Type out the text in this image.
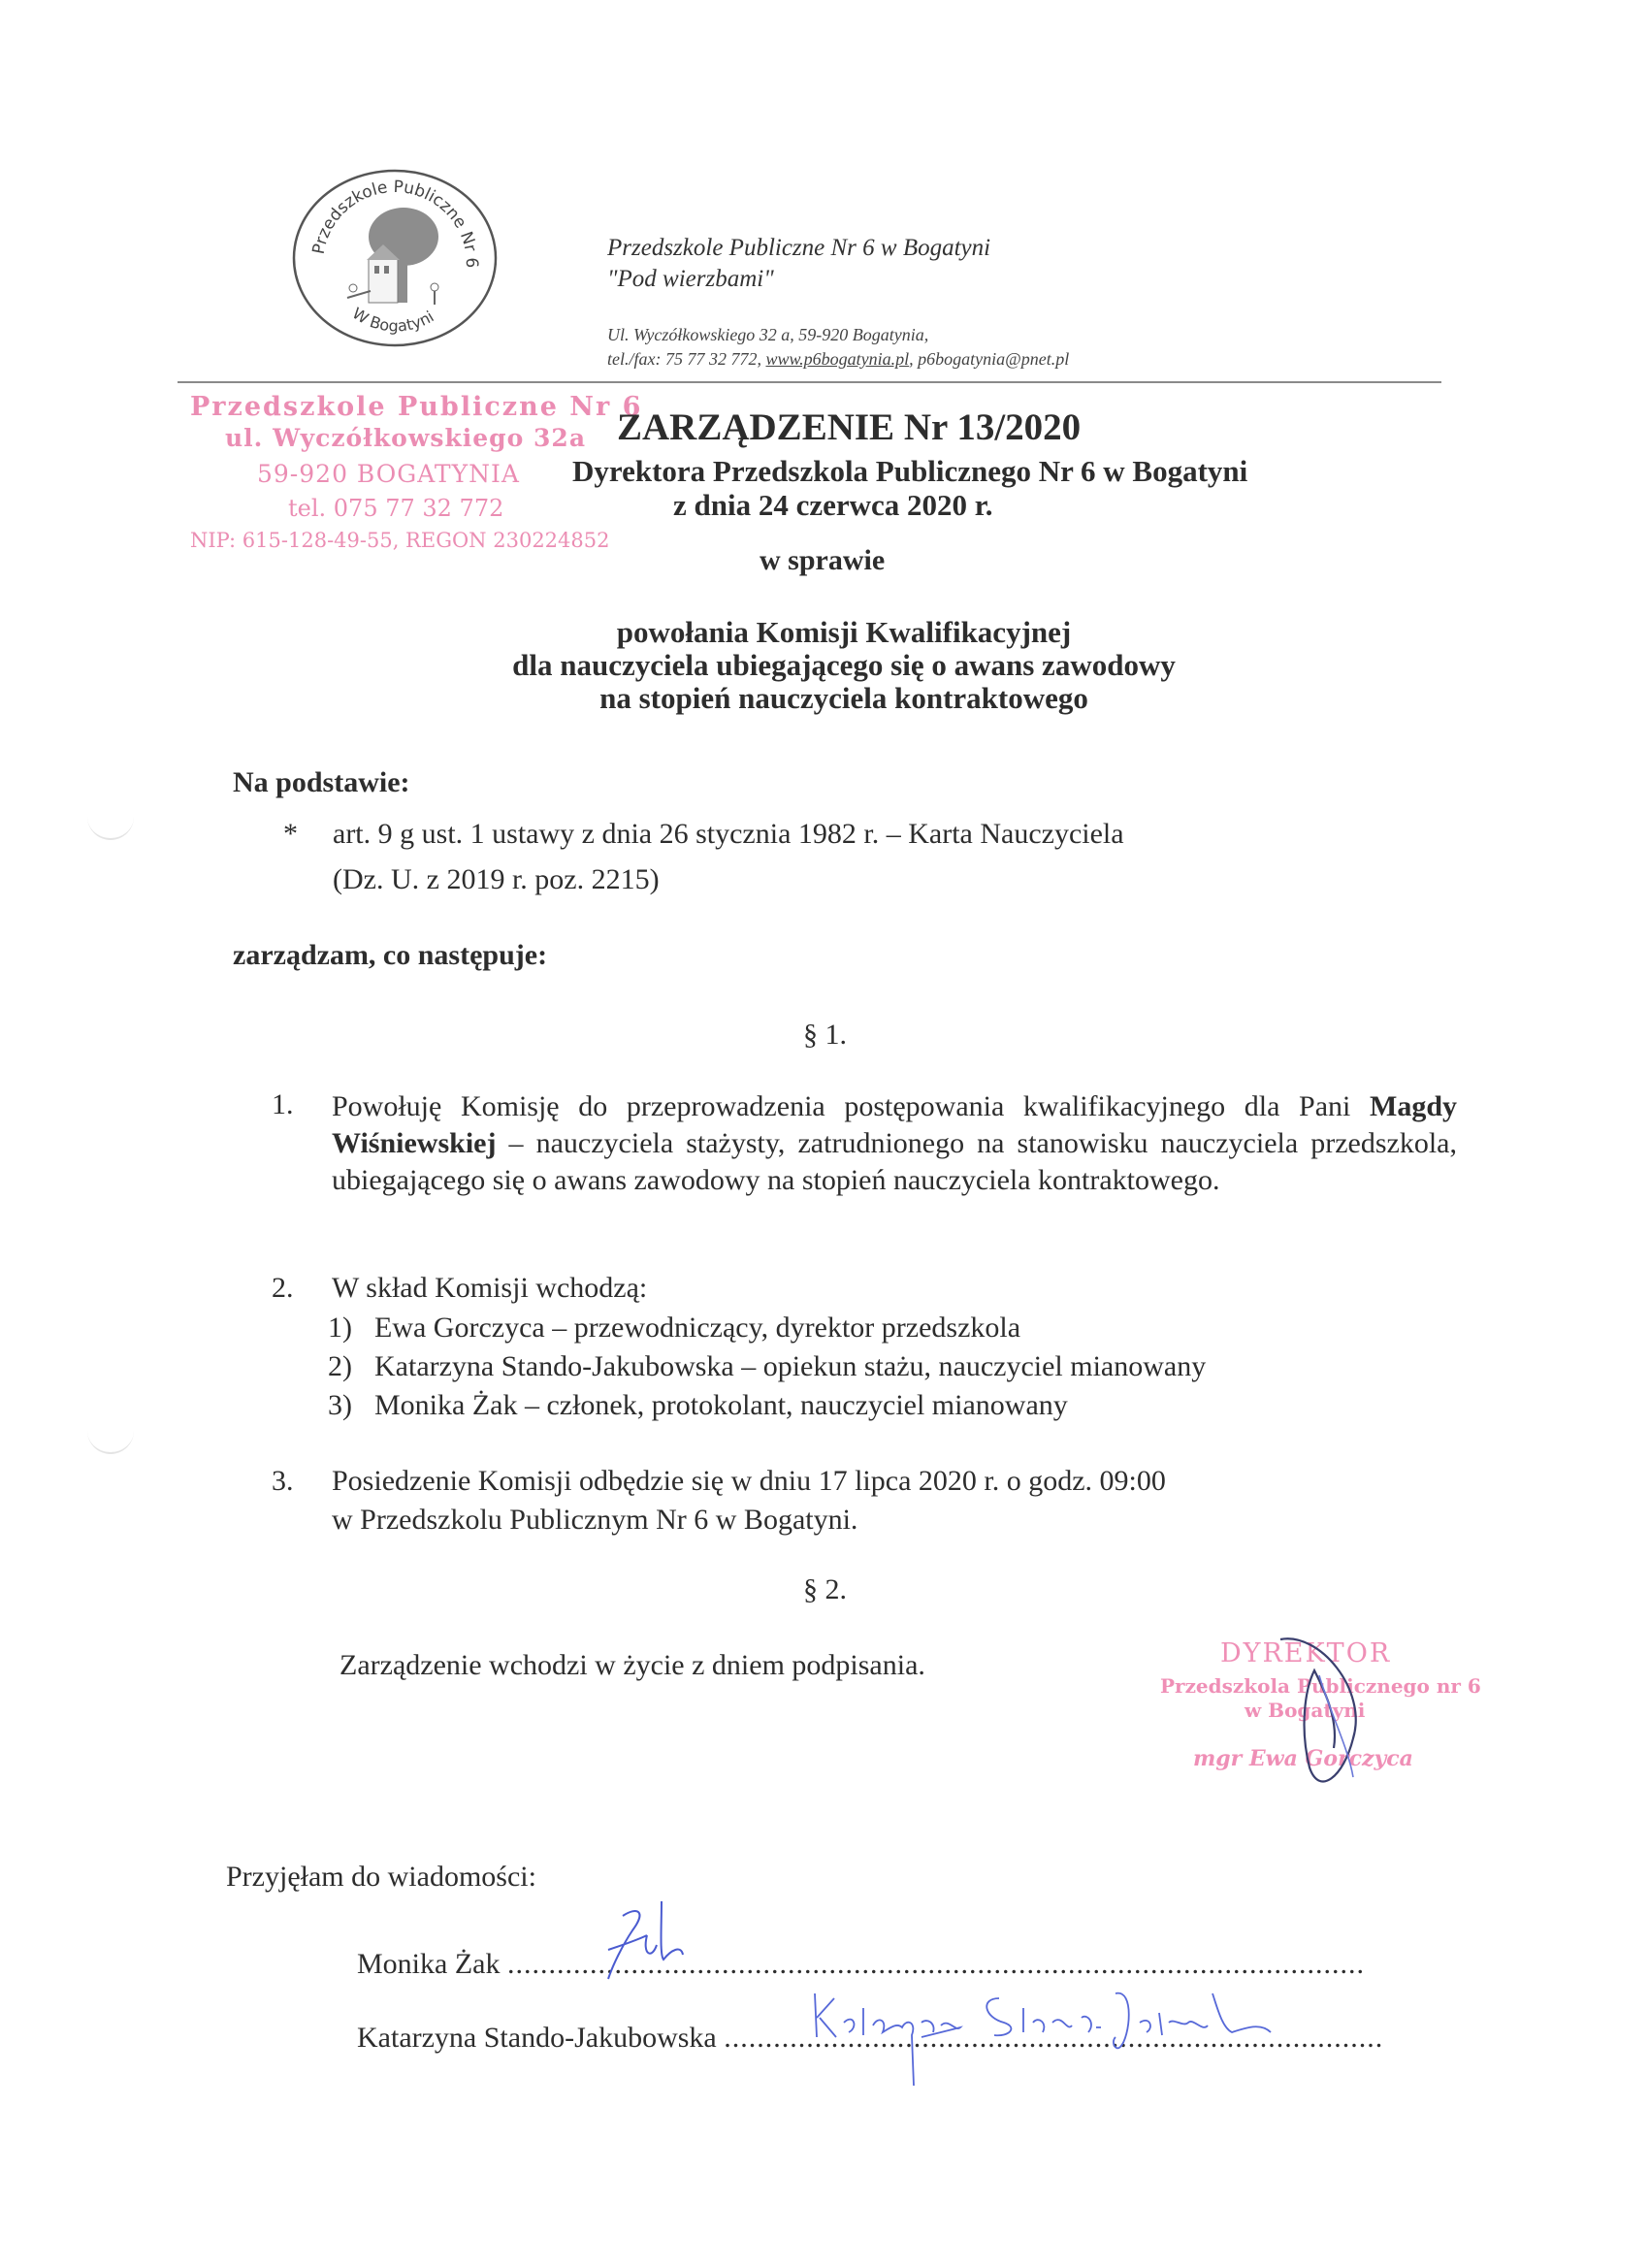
Przedszkole Publiczne Nr 6
W Bogatyni
Przedszkole Publiczne Nr 6 w Bogatyni
"Pod wierzbami"
Ul. Wyczółkowskiego 32 a, 59-920 Bogatynia,
tel./fax: 75 77 32 772, www.p6bogatynia.pl, p6bogatynia@pnet.pl
Przedszkole Publiczne Nr 6
ul. Wyczółkowskiego 32a
59-920 BOGATYNIA
tel. 075 77 32 772
NIP: 615-128-49-55, REGON 230224852
ZARZĄDZENIE Nr 13/2020
Dyrektora Przedszkola Publicznego Nr 6 w Bogatyni
z dnia 24 czerwca 2020 r.
w sprawie
powołania Komisji Kwalifikacyjnej
dla nauczyciela ubiegającego się o awans zawodowy
na stopień nauczyciela kontraktowego
Na podstawie:
* art. 9 g ust. 1 ustawy z dnia 26 stycznia 1982 r. – Karta Nauczyciela
(Dz. U. z 2019 r. poz. 2215)
zarządzam, co następuje:
§ 1.
1. Powołuję Komisję do przeprowadzenia postępowania kwalifikacyjnego dla Pani Magdy Wiśniewskiej – nauczyciela stażysty, zatrudnionego na stanowisku nauczyciela przedszkola, ubiegającego się o awans zawodowy na stopień nauczyciela kontraktowego.
2. W skład Komisji wchodzą:
1) Ewa Gorczyca – przewodniczący, dyrektor przedszkola
2) Katarzyna Stando-Jakubowska – opiekun stażu, nauczyciel mianowany
3) Monika Żak – członek, protokolant, nauczyciel mianowany
3. Posiedzenie Komisji odbędzie się w dniu 17 lipca 2020 r. o godz. 09:00
w Przedszkolu Publicznym Nr 6 w Bogatyni.
§ 2.
Zarządzenie wchodzi w życie z dniem podpisania.	DYREKTOR
Przedszkola Publicznego nr 6
w Bogatyni
mgr Ewa Gorczyca
Przyjęłam do wiadomości:
Monika Żak ........................................................................................................
Katarzyna Stando-Jakubowska ................................................................................
